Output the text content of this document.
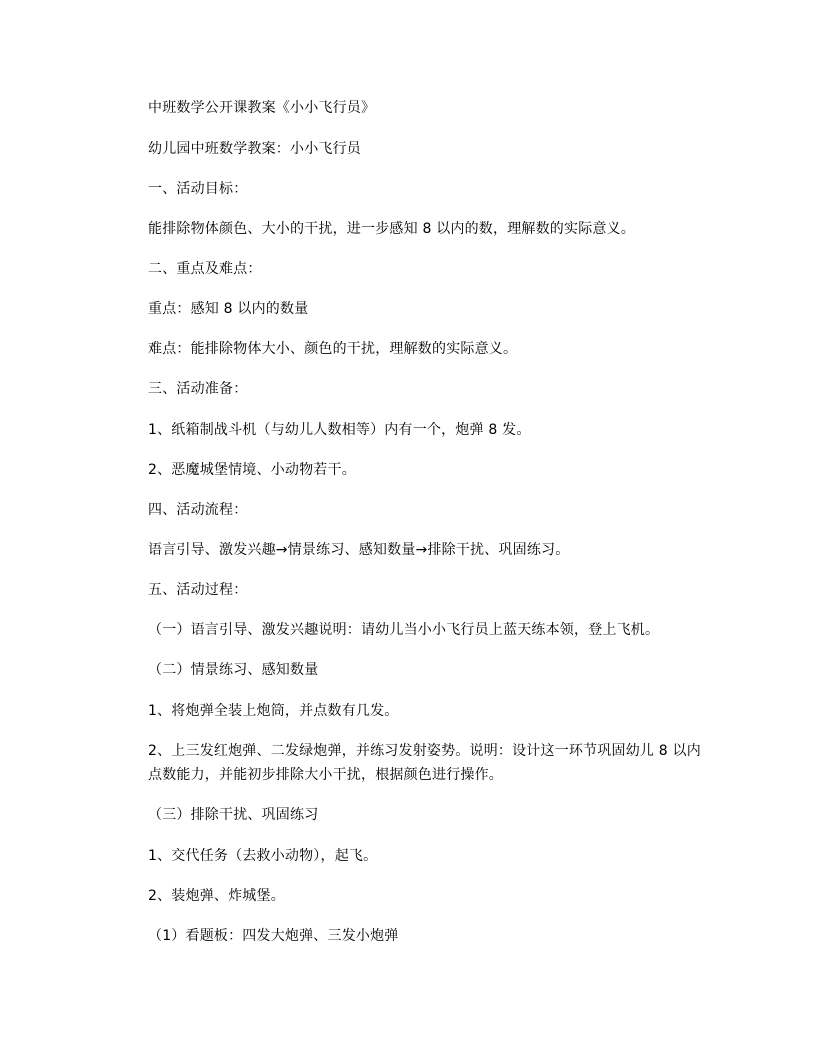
中班数学公开课教案《小小飞行员》
幼儿园中班数学教案：小小飞行员
一、活动目标：
能排除物体颜色、大小的干扰，进一步感知 8 以内的数，理解数的实际意义。
二、重点及难点：
重点：感知 8 以内的数量
难点：能排除物体大小、颜色的干扰，理解数的实际意义。
三、活动准备：
1、纸箱制战斗机（与幼儿人数相等）内有一个，炮弹 8 发。
2、恶魔城堡情境、小动物若干。
四、活动流程：
语言引导、激发兴趣→情景练习、感知数量→排除干扰、巩固练习。
五、活动过程：
（一）语言引导、激发兴趣说明：请幼儿当小小飞行员上蓝天练本领，登上飞机。
（二）情景练习、感知数量
1、将炮弹全装上炮筒，并点数有几发。
2、上三发红炮弹、二发绿炮弹，并练习发射姿势。说明：设计这一环节巩固幼儿 8 以内点数能力，并能初步排除大小干扰，根据颜色进行操作。
（三）排除干扰、巩固练习
1、交代任务（去救小动物），起飞。
2、装炮弹、炸城堡。
（1）看题板：四发大炮弹、三发小炮弹
